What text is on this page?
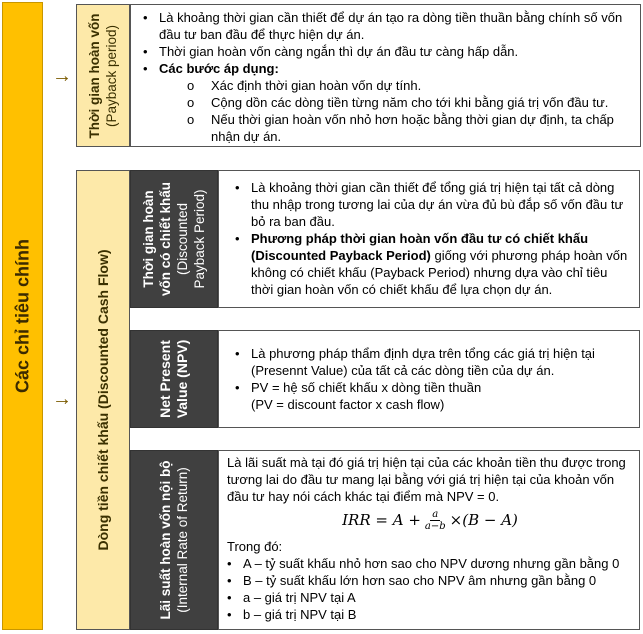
Các chỉ tiêu chính
→
→
Thời gian hoàn vốn (Payback period)
• Là khoảng thời gian cần thiết để dự án tạo ra dòng tiền thuần bằng chính số vốn đầu tư ban đầu để thực hiện dự án.
• Thời gian hoàn vốn càng ngắn thì dự án đầu tư càng hấp dẫn.
• Các bước áp dụng:
o Xác định thời gian hoàn vốn dự tính.
o Cộng dồn các dòng tiền từng năm cho tới khi bằng giá trị vốn đầu tư.
o Nếu thời gian hoàn vốn nhỏ hơn hoặc bằng thời gian dự định, ta chấp nhận dự án.
Dòng tiền chiết khấu (Discounted Cash Flow)
Thời gian hoàn vốn có chiết khấu (Discounted Payback Period)
• Là khoảng thời gian cần thiết để tổng giá trị hiện tại tất cả dòng thu nhập trong tương lai của dự án vừa đủ bù đắp số vốn đầu tư bỏ ra ban đầu.
• Phương pháp thời gian hoàn vốn đầu tư có chiết khấu (Discounted Payback Period) giống với phương pháp hoàn vốn không có chiết khấu (Payback Period) nhưng dựa vào chỉ tiêu thời gian hoàn vốn có chiết khấu để lựa chọn dự án.
Net Present Value (NPV)	• Là phương pháp thẩm định dựa trên tổng các giá trị hiện tại (Presennt Value) của tất cả các dòng tiền của dự án.
• PV = hệ số chiết khấu x dòng tiền thuần
(PV = discount factor x cash flow)
Lãi suất hoàn vốn nội bộ (Internal Rate of Return)
Là lãi suất mà tại đó giá trị hiện tại của các khoản tiền thu được trong tương lai do đầu tư mang lại bằng với giá trị hiện tại của khoản vốn đầu tư hay nói cách khác tại điểm mà NPV = 0.
IRR = $A + \frac{a}{a-b} \times(B - A)$
Trong đó:
• A – tỷ suất khấu nhỏ hơn sao cho NPV dương nhưng gần bằng 0
• B – tỷ suất khấu lớn hơn sao cho NPV âm nhưng gần bằng 0
• a – giá trị NPV tại A
• b – giá trị NPV tại B
